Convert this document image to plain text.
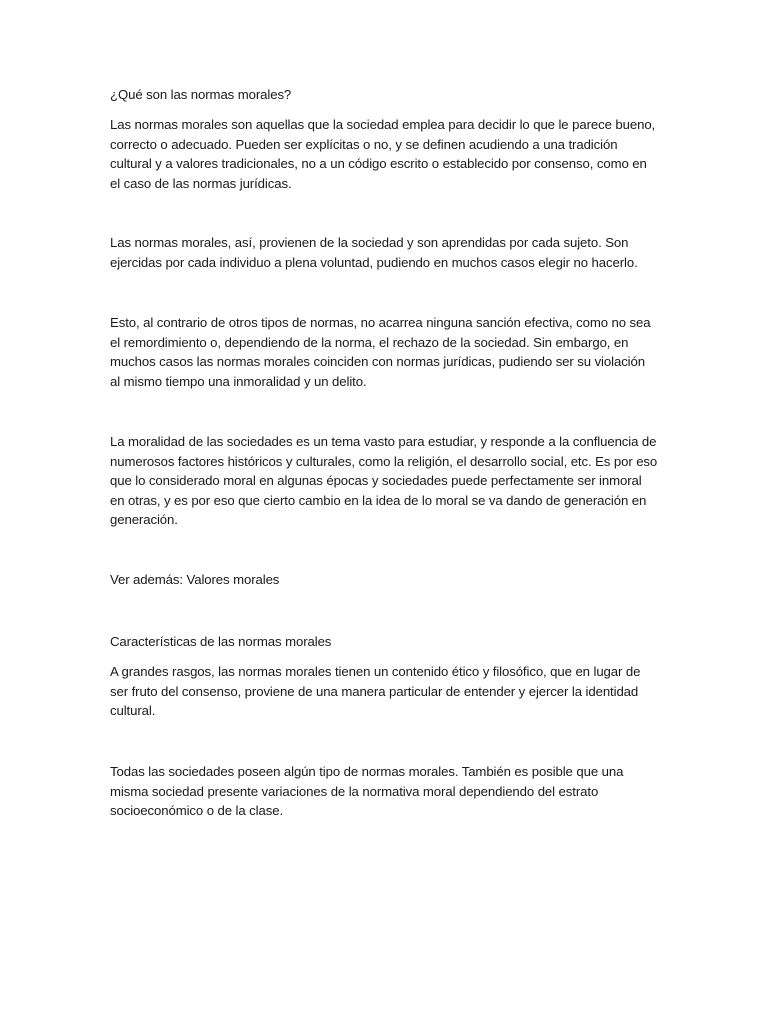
¿Qué son las normas morales?

Las normas morales son aquellas que la sociedad emplea para decidir lo que le parece bueno, correcto o adecuado. Pueden ser explícitas o no, y se definen acudiendo a una tradición cultural y a valores tradicionales, no a un código escrito o establecido por consenso, como en el caso de las normas jurídicas.

Las normas morales, así, provienen de la sociedad y son aprendidas por cada sujeto. Son ejercidas por cada individuo a plena voluntad, pudiendo en muchos casos elegir no hacerlo.

Esto, al contrario de otros tipos de normas, no acarrea ninguna sanción efectiva, como no sea el remordimiento o, dependiendo de la norma, el rechazo de la sociedad. Sin embargo, en muchos casos las normas morales coinciden con normas jurídicas, pudiendo ser su violación al mismo tiempo una inmoralidad y un delito.

La moralidad de las sociedades es un tema vasto para estudiar, y responde a la confluencia de numerosos factores históricos y culturales, como la religión, el desarrollo social, etc. Es por eso que lo considerado moral en algunas épocas y sociedades puede perfectamente ser inmoral en otras, y es por eso que cierto cambio en la idea de lo moral se va dando de generación en generación.

Ver además: Valores morales

Características de las normas morales

A grandes rasgos, las normas morales tienen un contenido ético y filosófico, que en lugar de ser fruto del consenso, proviene de una manera particular de entender y ejercer la identidad cultural.

Todas las sociedades poseen algún tipo de normas morales. También es posible que una misma sociedad presente variaciones de la normativa moral dependiendo del estrato socioeconómico o de la clase.
